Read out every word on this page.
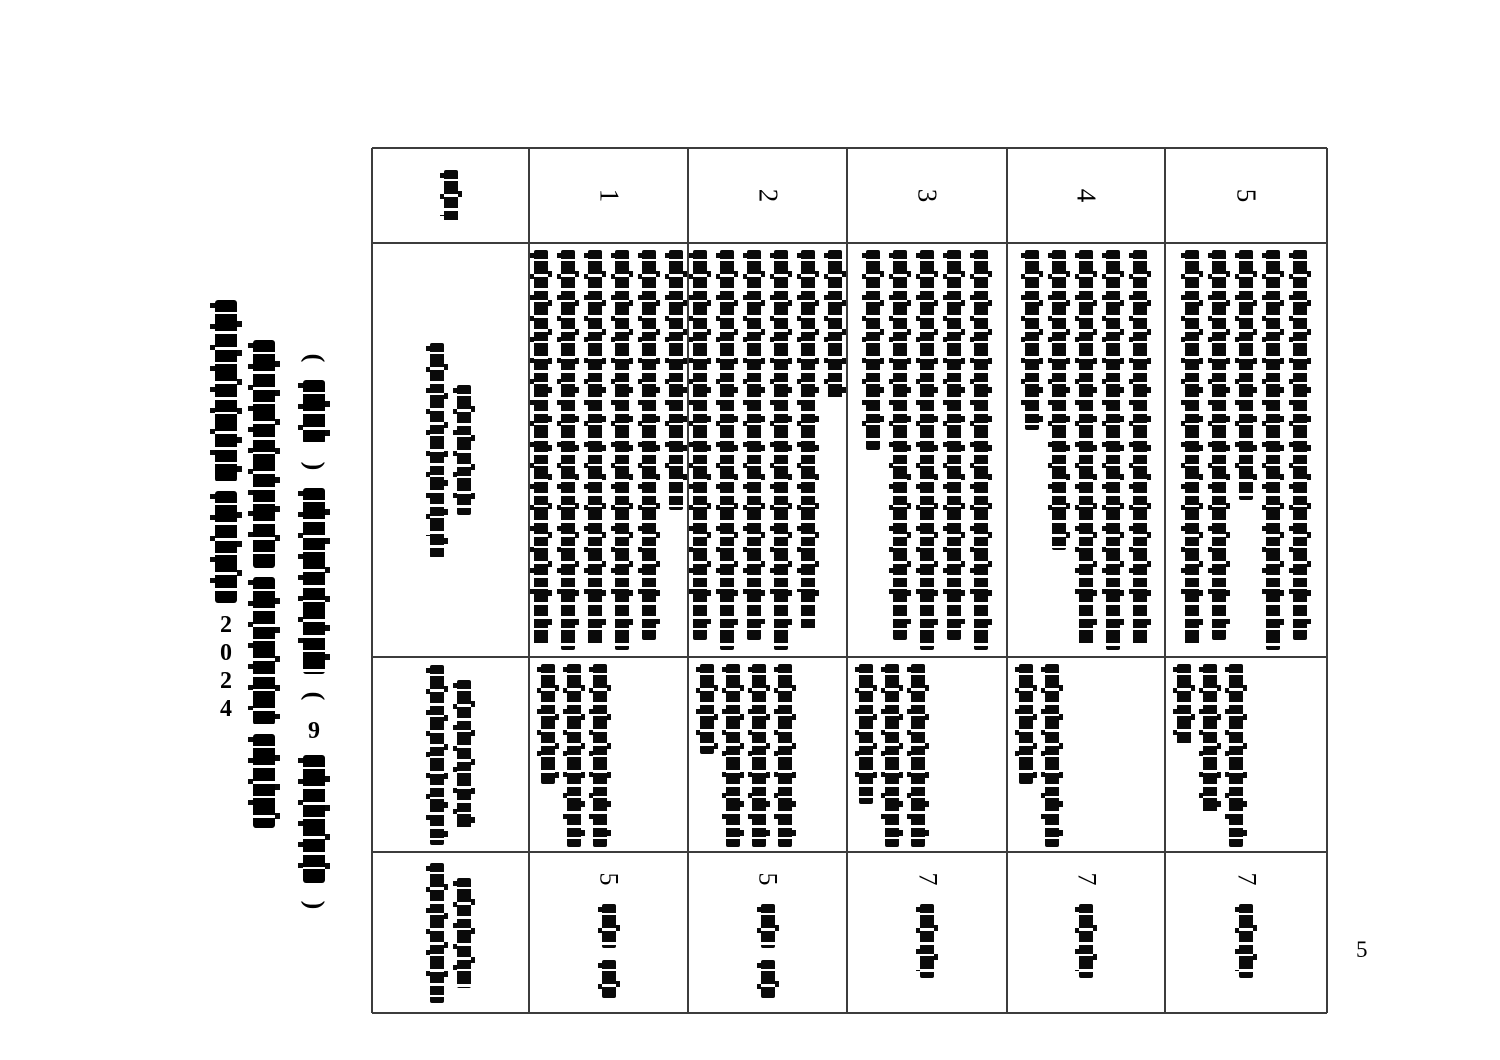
5
(
)
(
9
)
2024
1
5
2
5
3
7
4
7
5
7
